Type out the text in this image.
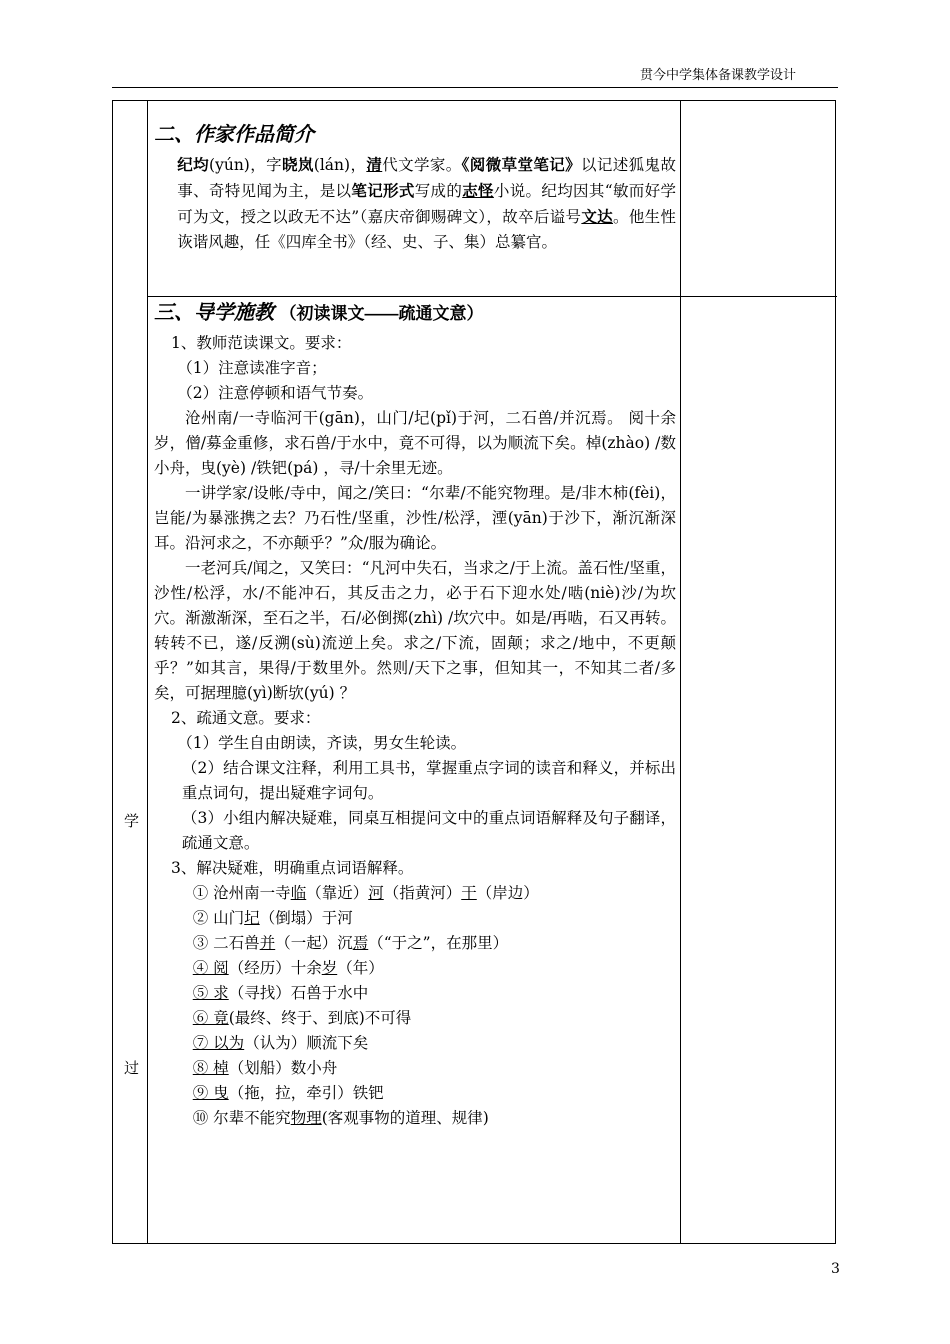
贯今中学集体备课教学设计
学
过
二、作家作品简介
纪均(yún)，字晓岚(lán)，清代文学家。《阅微草堂笔记》以记述狐鬼故事、奇特见闻为主，是以笔记形式写成的志怪小说。纪均因其“敏而好学可为文，授之以政无不达”（嘉庆帝御赐碑文），故卒后谥号文达。他生性诙谐风趣，任《四库全书》（经、史、子、集）总纂官。
三、导学施教 （初读课文——疏通文意）
1、教师范读课文。要求：
（1）注意读准字音；
（2）注意停顿和语气节奏。
沧州南/一寺临河干(gān)，山门/圮(pǐ)于河，二石兽/并沉焉。 阅十余岁，僧/募金重修，求石兽/于水中，竟不可得，以为顺流下矣。棹(zhào) /数小舟，曳(yè) /铁钯(pá) ，寻/十余里无迹。
一讲学家/设帐/寺中，闻之/笑曰：“尔辈/不能究物理。是/非木柿(fèi)，岂能/为暴涨携之去？乃石性/坚重，沙性/松浮，湮(yān)于沙下，渐沉渐深耳。沿河求之，不亦颠乎？”众/服为确论。
一老河兵/闻之，又笑曰：“凡河中失石，当求之/于上流。盖石性/坚重，沙性/松浮，水/不能冲石，其反击之力，必于石下迎水处/啮(niè)沙/为坎穴。渐激渐深，至石之半，石/必倒掷(zhì) /坎穴中。如是/再啮，石又再转。转转不已，遂/反溯(sù)流逆上矣。求之/下流，固颠；求之/地中，不更颠乎？”如其言，果得/于数里外。然则/天下之事，但知其一，不知其二者/多矣，可据理臆(yì)断欤(yú) ？
2、疏通文意。要求：
（1）学生自由朗读，齐读，男女生轮读。
（2）结合课文注释，利用工具书，掌握重点字词的读音和释义，并标出重点词句，提出疑难字词句。
（3）小组内解决疑难，同桌互相提问文中的重点词语解释及句子翻译，疏通文意。
3、解决疑难，明确重点词语解释。
① 沧州南一寺临（靠近）河（指黄河）干（岸边）
② 山门圮（倒塌）于河
③ 二石兽并（一起）沉焉（“于之”，在那里）
④ 阅（经历）十余岁（年）
⑤ 求（寻找）石兽于水中
⑥ 竟(最终、终于、到底)不可得
⑦ 以为（认为）顺流下矣
⑧ 棹（划船）数小舟
⑨ 曳（拖，拉，牵引）铁钯
⑩ 尔辈不能究物理(客观事物的道理、规律)
3
